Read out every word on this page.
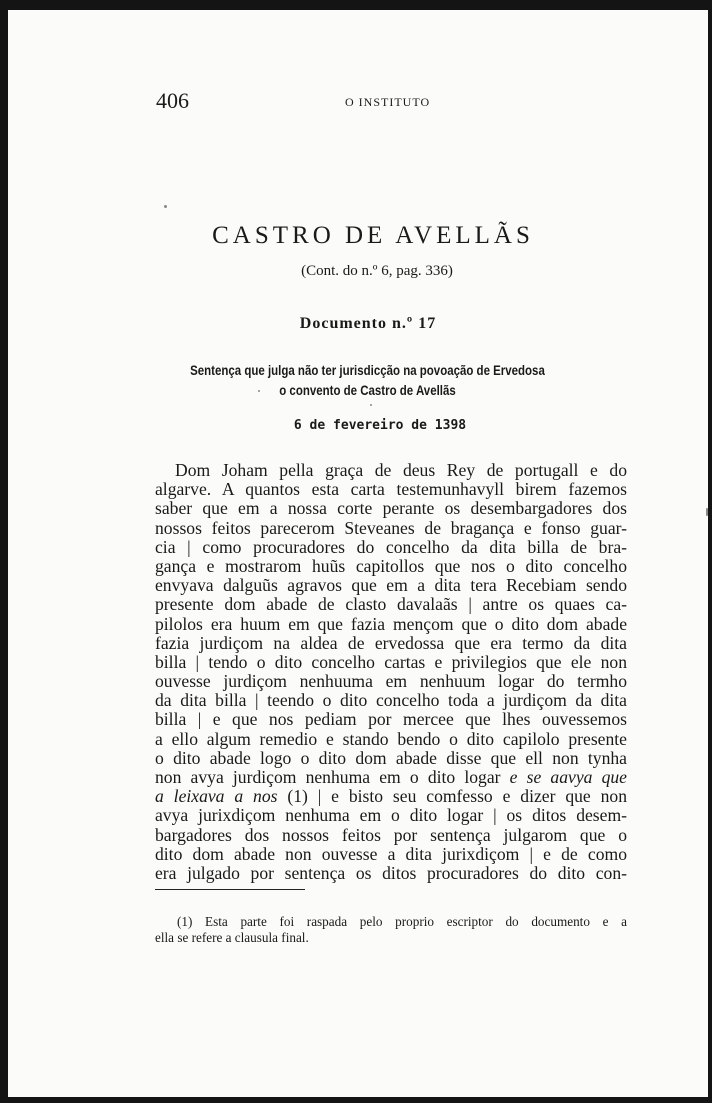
406	O INSTITUTO
CASTRO DE AVELLÃS
(Cont. do n.º 6, pag. 336)
Documento n.º 17
Sentença que julga não ter jurisdicção na povoação de Ervedosa
o convento de Castro de Avellãs
6 de fevereiro de 1398
Dom Joham pella graça de deus Rey de portugall e do
algarve. A quantos esta carta testemunhavyll birem fazemos
saber que em a nossa corte perante os desembargadores dos
nossos feitos parecerom Steveanes de bragança e fonso guar-
cia | como procuradores do concelho da dita billa de bra-
gança e mostrarom huũs capitollos que nos o dito concelho
envyava dalguũs agravos que em a dita tera Recebiam sendo
presente dom abade de clasto davalaãs | antre os quaes ca-
pilolos era huum em que fazia mençom que o dito dom abade
fazia jurdiçom na aldea de ervedossa que era termo da dita
billa | tendo o dito concelho cartas e privilegios que ele non
ouvesse jurdiçom nenhuuma em nenhuum logar do termho
da dita billa | teendo o dito concelho toda a jurdiçom da dita
billa | e que nos pediam por mercee que lhes ouvessemos
a ello algum remedio e stando bendo o dito capilolo presente
o dito abade logo o dito dom abade disse que ell non tynha
non avya jurdiçom nenhuma em o dito logar e se aavya que
a leixava a nos (1) | e bisto seu comfesso e dizer que non
avya jurixdiçom nenhuma em o dito logar | os ditos desem-
bargadores dos nossos feitos por sentença julgarom que o
dito dom abade non ouvesse a dita jurixdiçom | e de como
era julgado por sentença os ditos procuradores do dito con-
(1) Esta parte foi raspada pelo proprio escriptor do documento e a
ella se refere a clausula final.
